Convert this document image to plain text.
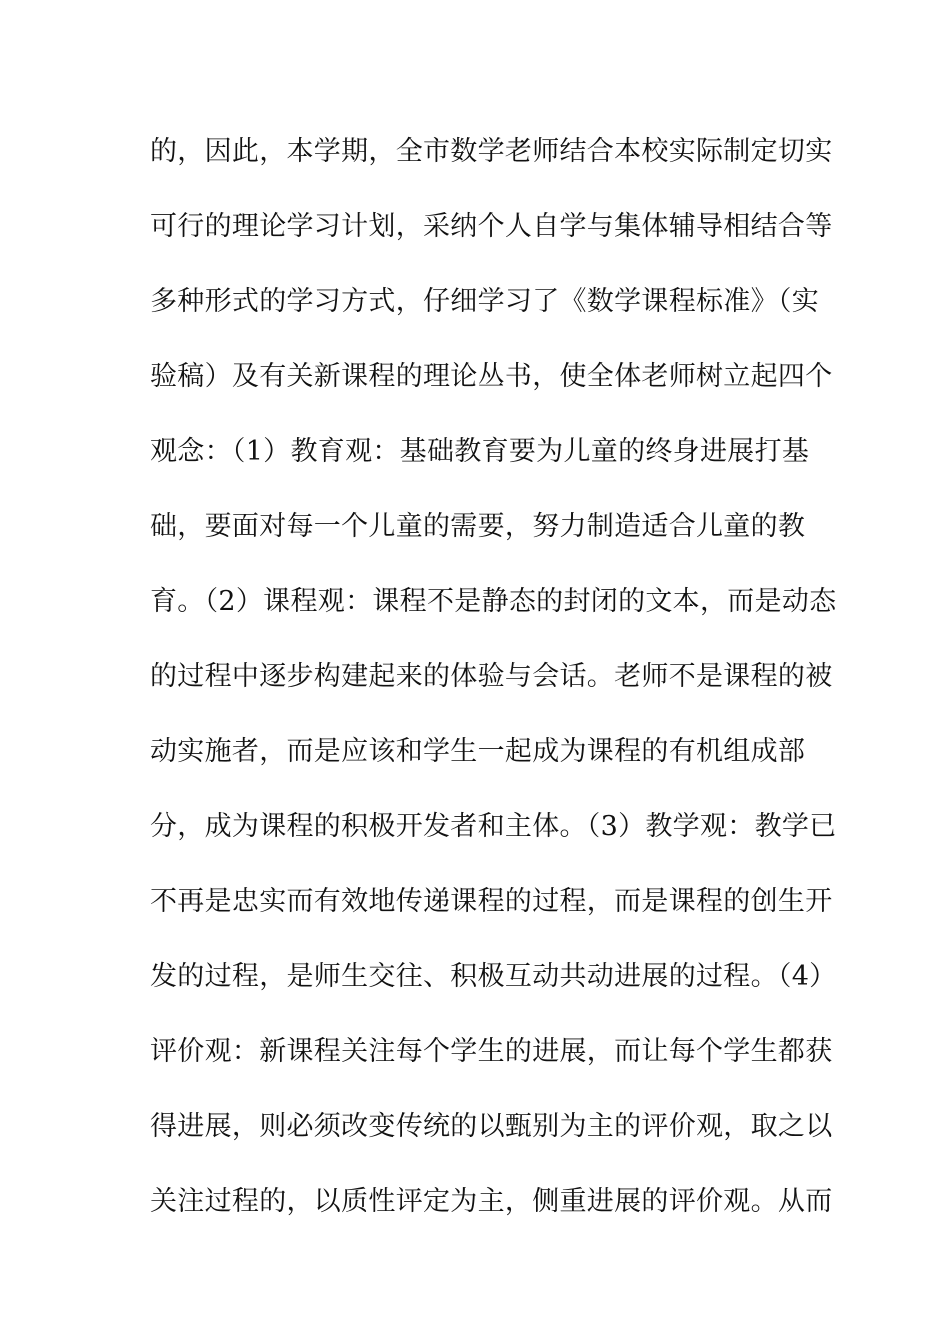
的，因此，本学期，全市数学老师结合本校实际制定切实
可行的理论学习计划，采纳个人自学与集体辅导相结合等
多种形式的学习方式，仔细学习了《数学课程标准》（实
验稿）及有关新课程的理论丛书，使全体老师树立起四个
观念：（1）教育观：基础教育要为儿童的终身进展打基
础，要面对每一个儿童的需要，努力制造适合儿童的教
育。（2）课程观：课程不是静态的封闭的文本，而是动态
的过程中逐步构建起来的体验与会话。老师不是课程的被
动实施者，而是应该和学生一起成为课程的有机组成部
分，成为课程的积极开发者和主体。（3）教学观：教学已
不再是忠实而有效地传递课程的过程，而是课程的创生开
发的过程，是师生交往、积极互动共动进展的过程。（4）
评价观：新课程关注每个学生的进展，而让每个学生都获
得进展，则必须改变传统的以甄别为主的评价观，取之以
关注过程的，以质性评定为主，侧重进展的评价观。从而
